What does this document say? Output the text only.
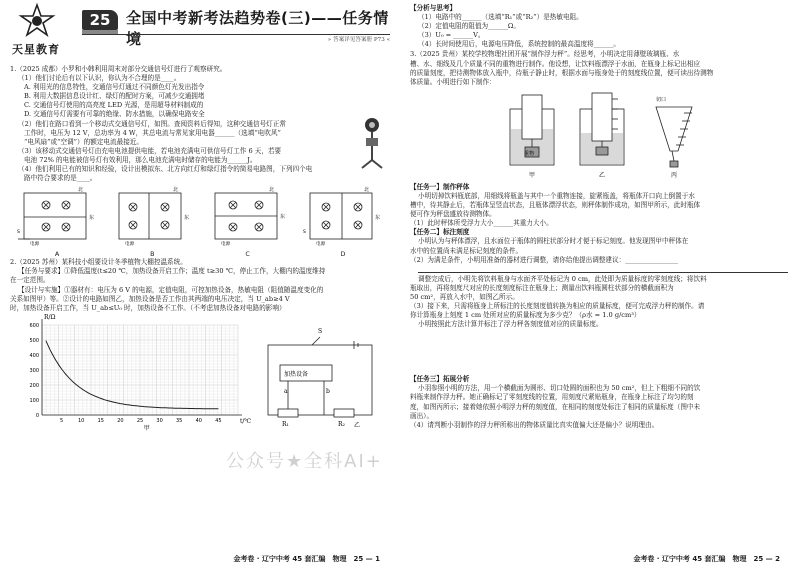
天星教育
25	全国中考新考法趋势卷(三)——任务情境	» 答案详见答案册 P73 «

1.（2025 成都）小罗和小韩利用周末对部分交通信号灯进行了观察研究。

（1）他们讨论后有以下认识，你认为不合理的是____。

A. 利用光的信息特性，交通信号灯通过不同颜色灯光发出指令

B. 利用大数据信息设计红、绿灯的配时方案，可减少交通拥堵

C. 交通信号灯使用的高亮度 LED 光源，是用超导材料制成的

D. 交通信号灯需要有可靠的绝缘、防水措施，以确保电路安全

（2）他们在路口看到一个移动式交通信号灯，如图。查阅资料后得知，这种交通信号灯正常

工作时，电压为 12 V，总功率为 4 W，其总电流与常见家用电器______（选填“电吹风”

“电风扇”或“空调”）的额定电流最接近。

（3）该移动式交通信号灯由充电电池提供电能，若电池充满电可供信号灯工作 6 天，若要

电池 72% 的电能被信号灯有效利用，那么电池充满电时储存的电能为______J。

（4）他们利用已有的知识和经验，设计出模拟东、北方向红灯和绿灯指令的简易电路图，下列四个电

路中符合要求的是____。

北
东
电源
S
A
北
东
电源
B
北
东
电源
C
北
东
电源
S
D

2.（2025 苏州）某科技小组要设计冬季植物大棚控温系统。

【任务与要求】①降低温度(t≤20 ℃，加热设备开启工作；温度 t≥30 ℃，停止工作，大棚内的温度维持

在一定范围。

【设计与实施】①器材有：电压为 6 V 的电源，定值电阻，可控加热设备，热敏电阻（阻值随温度变化的

关系如图甲）等。②设计的电路如图乙，加热设备是否工作由其两端的电压决定，当 U_ab≥4 V

时，加热设备开启工作，当 U_ab≤U₀ 时，加热设备不工作。（不考虑加热设备对电路的影响）

R/Ω
t/℃
600
500
400
300
200
100
0
5	10	15	20	25	30	35	40	45
甲
加热设备
R₁	R₂
a	b
S
乙
金考卷 · 辽宁中考 45 套汇编　物理　25 — 1

【分析与思考】

（1）电路中的______（选填“R₁”或“R₂”）是热敏电阻。

（2）定值电阻的阻值为______Ω。

（3）U₀ = ______V。

（4）长时间使用后，电源电压降低，系统控制的最高温度将______。

3.（2025 贵州）某校学校物理社团开展“制作浮力秤”。经思考，小明决定用薄壁玻璃瓶、水

槽、水、细线及几个质量不同的重物进行制作。他设想，让饮料瓶漂浮于水面，在瓶身上标记出相应

的质量刻度，把待测物体放入瓶中，待瓶子静止时，根据水面与瓶身处于的刻度线位置，便可读出待测物

体质量。小明进行如下制作：

重物
切口
甲	乙	丙

【任务一】制作秤体

小明切掉饮料瓶底部，用细线将瓶盖与其中一个重物连接，旋紧瓶盖，将瓶体开口向上倒置于水

槽中，待其静止后，若瓶体呈竖直状态，且瓶体漂浮状态，则秤体制作成功，如图甲所示，此时瓶体

便可作为秤盘盛放待测物体。

（1）此时秤体所受浮力大小______其重力大小。

【任务二】标注刻度

小明认为与秤体漂浮，且水面位于瓶体的圆柱状部分时才便于标记刻度。他发现图甲中秤体在

水中的位置尚未满足标记刻度的条件。

（2）为满足条件，小明用准备的器材进行调整，请你给他提出调整建议：________________

调整完成后，小明先将饮料瓶身与水面齐平处标记为 0 cm，此处即为质量标度的零刻度线；将饮料

瓶取出，再将刻度尺对应的长度刻度标注在瓶身上；测量出饮料瓶圆柱状部分的横截面积为

50 cm²，再放入水中，如图乙所示。

（3）接下来，只需将瓶身上所标注的长度刻度值转换为相应的质量标度，便可完成浮力秤的制作。请

你计算瓶身上刻度 1 cm 处所对应的质量标度为多少克？（ρ水 = 1.0 g/cm³）

小明按照此方法计算并标注了浮力秤各刻度值对应的质量标度。

【任务三】拓展分析

小羽参照小明的方法，用一个横截面为圆形、切口处圆的面积也为 50 cm²，但上下粗细不同的饮

料瓶来制作浮力秤。她正确标记了零刻度线的位置，用刻度尺紧贴瓶身，在瓶身上标注了均匀的刻

度，如图丙所示；接着她依照小明浮力秤的刻度值，在相同的刻度处标注了相同的质量标度（图中未

画出）。

（4）请判断小羽制作的浮力秤所称出的物体质量比真实值偏大还是偏小？说明理由。

金考卷 · 辽宁中考 45 套汇编　物理　25 — 2
公众号★全科AI+
